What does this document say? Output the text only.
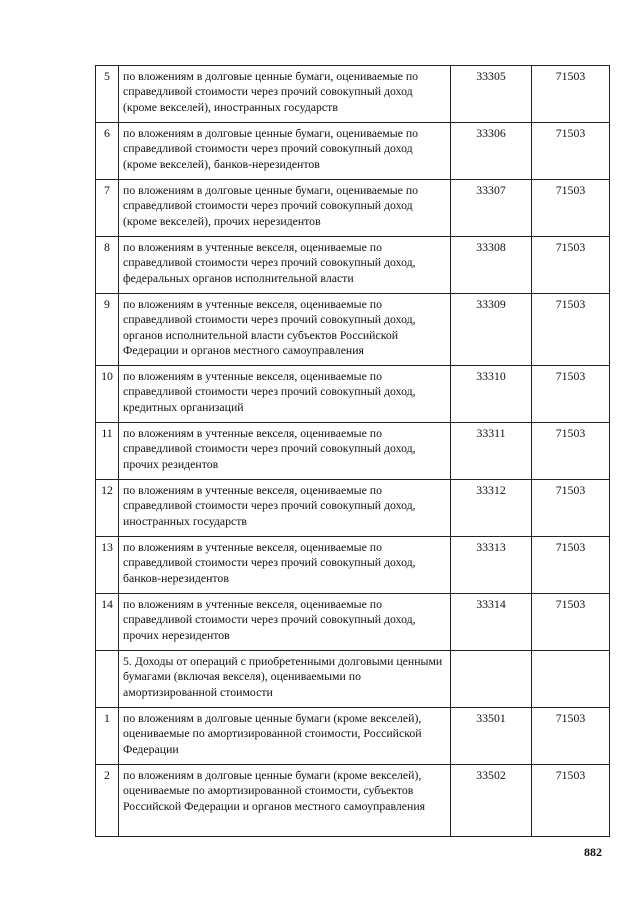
5	по вложениям в долговые ценные бумаги, оцениваемые по справедливой стоимости через прочий совокупный доход (кроме векселей), иностранных государств	33305	71503
6	по вложениям в долговые ценные бумаги, оцениваемые по справедливой стоимости через прочий совокупный доход (кроме векселей), банков-нерезидентов	33306	71503
7	по вложениям в долговые ценные бумаги, оцениваемые по справедливой стоимости через прочий совокупный доход (кроме векселей), прочих нерезидентов	33307	71503
8	по вложениям в учтенные векселя, оцениваемые по справедливой стоимости через прочий совокупный доход, федеральных органов исполнительной власти	33308	71503
9	по вложениям в учтенные векселя, оцениваемые по справедливой стоимости через прочий совокупный доход, органов исполнительной власти субъектов Российской Федерации и органов местного самоуправления	33309	71503
10	по вложениям в учтенные векселя, оцениваемые по справедливой стоимости через прочий совокупный доход, кредитных организаций	33310	71503
11	по вложениям в учтенные векселя, оцениваемые по справедливой стоимости через прочий совокупный доход, прочих резидентов	33311	71503
12	по вложениям в учтенные векселя, оцениваемые по справедливой стоимости через прочий совокупный доход, иностранных государств	33312	71503
13	по вложениям в учтенные векселя, оцениваемые по справедливой стоимости через прочий совокупный доход, банков-нерезидентов	33313	71503
14	по вложениям в учтенные векселя, оцениваемые по справедливой стоимости через прочий совокупный доход, прочих нерезидентов	33314	71503
	5. Доходы от операций с приобретенными долговыми ценными бумагами (включая векселя), оцениваемыми по амортизированной стоимости		
1	по вложениям в долговые ценные бумаги (кроме векселей), оцениваемые по амортизированной стоимости, Российской Федерации	33501	71503
2	по вложениям в долговые ценные бумаги (кроме векселей), оцениваемые по амортизированной стоимости, субъектов Российской Федерации и органов местного самоуправления	33502	71503
882
